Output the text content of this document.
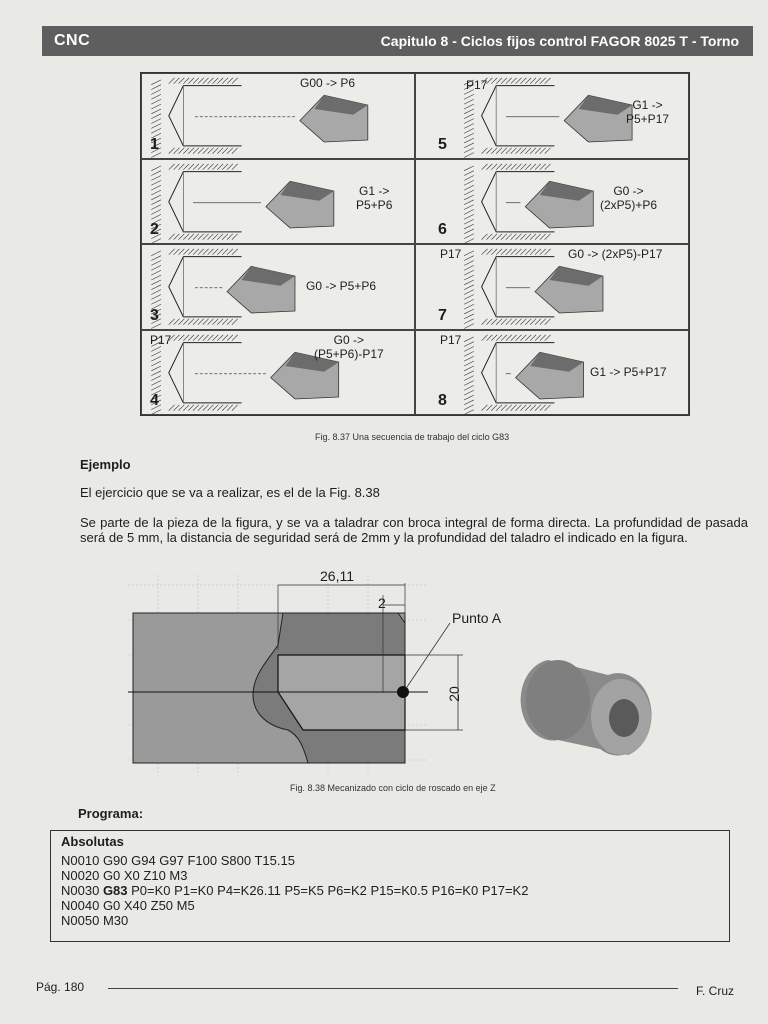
CNC	Capitulo 8 - Ciclos fijos control FAGOR 8025 T - Torno
G00 -> P6
1
P17
G1 ->
P5+P17
5
G1 ->
P5+P6
2
G0 ->
(2xP5)+P6
6
G0 -> P5+P6
3
P17	G0 -> (2xP5)-P17
7
P17	G0 ->
(P5+P6)-P17
4
P17
G1 -> P5+P17
8
Fig. 8.37 Una secuencia de trabajo del ciclo G83
Ejemplo
El ejercicio que se va a realizar, es el de la Fig. 8.38
Se parte de la pieza de la figura, y se va a taladrar con broca integral de forma directa. La profundidad de pasada será de 5 mm, la distancia de seguridad será de 2mm y la profundidad del taladro el indicado en la figura.
26,11
2
Punto A
20
Fig. 8.38 Mecanizado con ciclo de roscado en eje Z
Programa:
Absolutas
N0010 G90 G94 G97 F100 S800 T15.15
N0020 G0 X0 Z10 M3
N0030 G83 P0=K0 P1=K0 P4=K26.11 P5=K5 P6=K2 P15=K0.5 P16=K0 P17=K2
N0040 G0 X40 Z50 M5
N0050 M30
Pág. 180	F. Cruz
